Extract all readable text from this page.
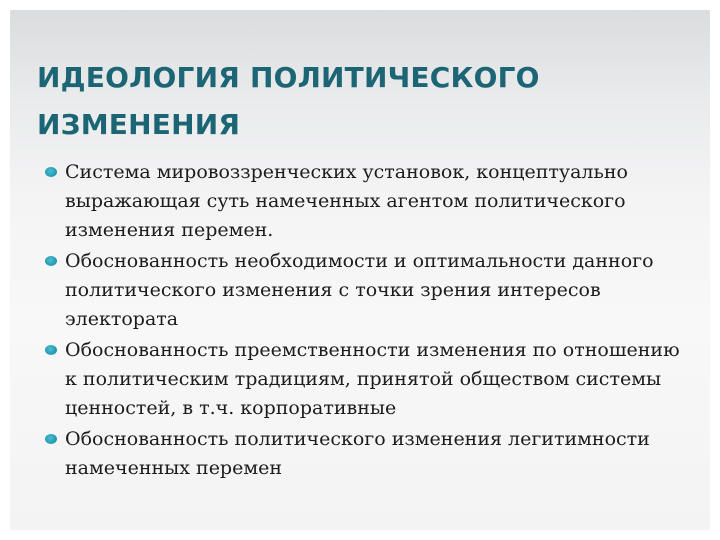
ИДЕОЛОГИЯ ПОЛИТИЧЕСКОГО ИЗМЕНЕНИЯ
Система мировоззренческих установок, концептуально выражающая суть намеченных агентом политического изменения перемен.
Обоснованность необходимости и оптимальности данного политического изменения с точки зрения интересов электората
Обоснованность преемственности изменения по отношению к политическим традициям, принятой обществом системы ценностей, в т.ч. корпоративные
Обоснованность политического изменения легитимности намеченных перемен
